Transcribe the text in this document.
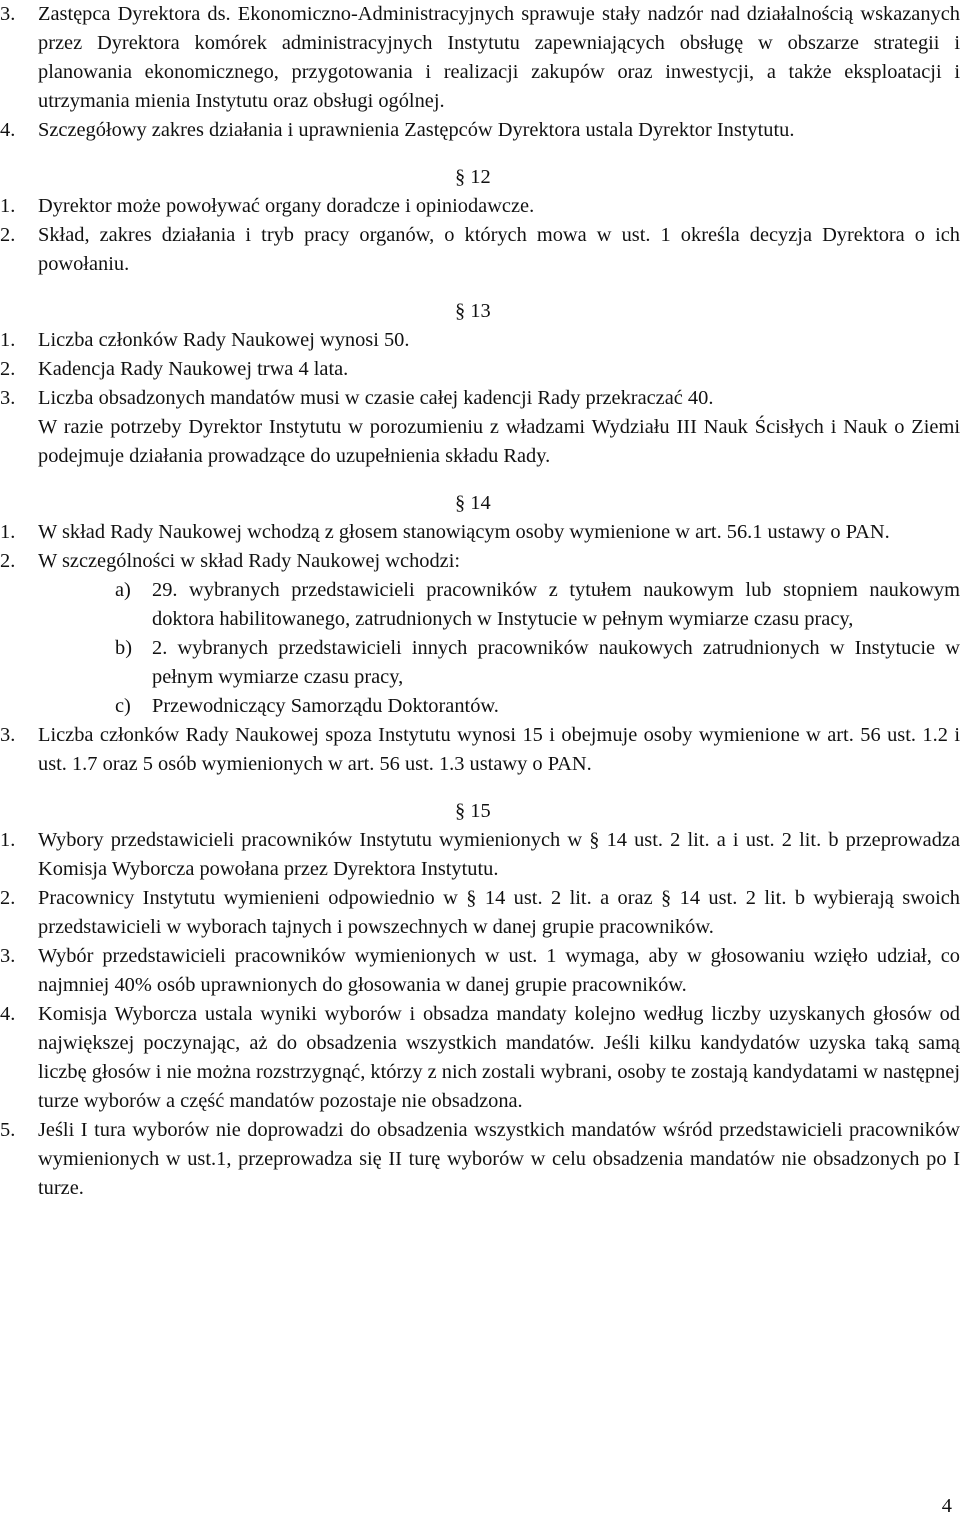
3. Zastępca Dyrektora ds. Ekonomiczno-Administracyjnych sprawuje stały nadzór nad działalnością wskazanych przez Dyrektora komórek administracyjnych Instytutu zapewniających obsługę w obszarze strategii i planowania ekonomicznego, przygotowania i realizacji zakupów oraz inwestycji, a także eksploatacji i utrzymania mienia Instytutu oraz obsługi ogólnej.
4. Szczegółowy zakres działania i uprawnienia Zastępców Dyrektora ustala Dyrektor Instytutu.

§ 12

1. Dyrektor może powoływać organy doradcze i opiniodawcze.
2. Skład, zakres działania i tryb pracy organów, o których mowa w ust. 1 określa decyzja Dyrektora o ich powołaniu.

§ 13

1. Liczba członków Rady Naukowej wynosi 50.
2. Kadencja Rady Naukowej trwa 4 lata.
3. Liczba obsadzonych mandatów musi w czasie całej kadencji Rady przekraczać 40.

W razie potrzeby Dyrektor Instytutu w porozumieniu z władzami Wydziału III Nauk Ścisłych i Nauk o Ziemi podejmuje działania prowadzące do uzupełnienia składu Rady.

§ 14

1. W skład Rady Naukowej wchodzą z głosem stanowiącym osoby wymienione w art. 56.1 ustawy o PAN.
2. W szczególności w skład Rady Naukowej wchodzi:
a) 29. wybranych przedstawicieli pracowników z tytułem naukowym lub stopniem naukowym doktora habilitowanego, zatrudnionych w Instytucie w pełnym wymiarze czasu pracy,
b) 2. wybranych przedstawicieli innych pracowników naukowych zatrudnionych w Instytucie w pełnym wymiarze czasu pracy,
c) Przewodniczący Samorządu Doktorantów.
3. Liczba członków Rady Naukowej spoza Instytutu wynosi 15 i obejmuje osoby wymienione w art. 56 ust. 1.2 i ust. 1.7 oraz 5 osób wymienionych w art. 56 ust. 1.3 ustawy o PAN.

§ 15

1. Wybory przedstawicieli pracowników Instytutu wymienionych w § 14 ust. 2 lit. a i ust. 2 lit. b przeprowadza Komisja Wyborcza powołana przez Dyrektora Instytutu.
2. Pracownicy Instytutu wymienieni odpowiednio w § 14 ust. 2 lit. a oraz § 14 ust. 2 lit. b wybierają swoich przedstawicieli w wyborach tajnych i powszechnych w danej grupie pracowników.
3. Wybór przedstawicieli pracowników wymienionych w ust. 1 wymaga, aby w głosowaniu wzięło udział, co najmniej 40% osób uprawnionych do głosowania w danej grupie pracowników.
4. Komisja Wyborcza ustala wyniki wyborów i obsadza mandaty kolejno według liczby uzyskanych głosów od największej poczynając, aż do obsadzenia wszystkich mandatów. Jeśli kilku kandydatów uzyska taką samą liczbę głosów i nie można rozstrzygnąć, którzy z nich zostali wybrani, osoby te zostają kandydatami w następnej turze wyborów a część mandatów pozostaje nie obsadzona.
5. Jeśli I tura wyborów nie doprowadzi do obsadzenia wszystkich mandatów wśród przedstawicieli pracowników wymienionych w ust.1, przeprowadza się II turę wyborów w celu obsadzenia mandatów nie obsadzonych po I turze.
4
